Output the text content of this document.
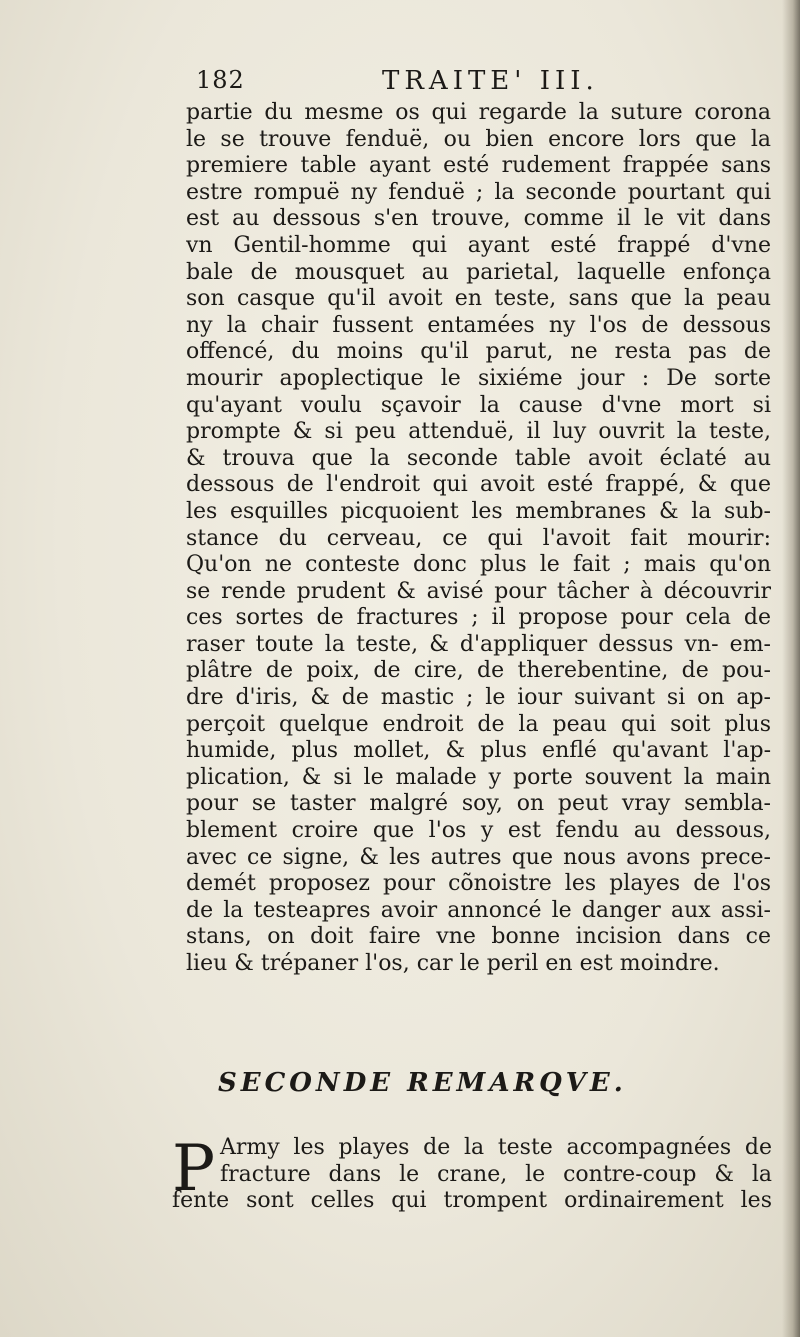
182	TRAITE' III.
partie du mesme os qui regarde la suture corona
le se trouve fenduë, ou bien encore lors que la
premiere table ayant esté rudement frappée sans
estre rompuë ny fenduë ; la seconde pourtant qui
est au dessous s'en trouve, comme il le vit dans
vn Gentil-homme qui ayant esté frappé d'vne
bale de mousquet au parietal, laquelle enfonça
son casque qu'il avoit en teste, sans que la peau
ny la chair fussent entamées ny l'os de dessous
offencé, du moins qu'il parut, ne resta pas de
mourir apoplectique le sixiéme jour : De sorte
qu'ayant voulu sçavoir la cause d'vne mort si
prompte & si peu attenduë, il luy ouvrit la teste,
& trouva que la seconde table avoit éclaté au
dessous de l'endroit qui avoit esté frappé, & que
les esquilles picquoient les membranes & la sub-
stance du cerveau, ce qui l'avoit fait mourir:
Qu'on ne conteste donc plus le fait ; mais qu'on
se rende prudent & avisé pour tâcher à découvrir
ces sortes de fractures ; il propose pour cela de
raser toute la teste, & d'appliquer dessus vn- em-
plâtre de poix, de cire, de therebentine, de pou-
dre d'iris, & de mastic ; le iour suivant si on ap-
perçoit quelque endroit de la peau qui soit plus
humide, plus mollet, & plus enflé qu'avant l'ap-
plication, & si le malade y porte souvent la main
pour se taster malgré soy, on peut vray sembla-
blement croire que l'os y est fendu au dessous,
avec ce signe, & les autres que nous avons prece-
demét proposez pour cõnoistre les playes de l'os
de la testeapres avoir annoncé le danger aux assi-
stans, on doit faire vne bonne incision dans ce
lieu & trépaner l'os, car le peril en est moindre.
SECONDE REMARQVE.
P Army les playes de la teste accompagnées de
fracture dans le crane, le contre-coup & la
fente sont celles qui trompent ordinairement les
